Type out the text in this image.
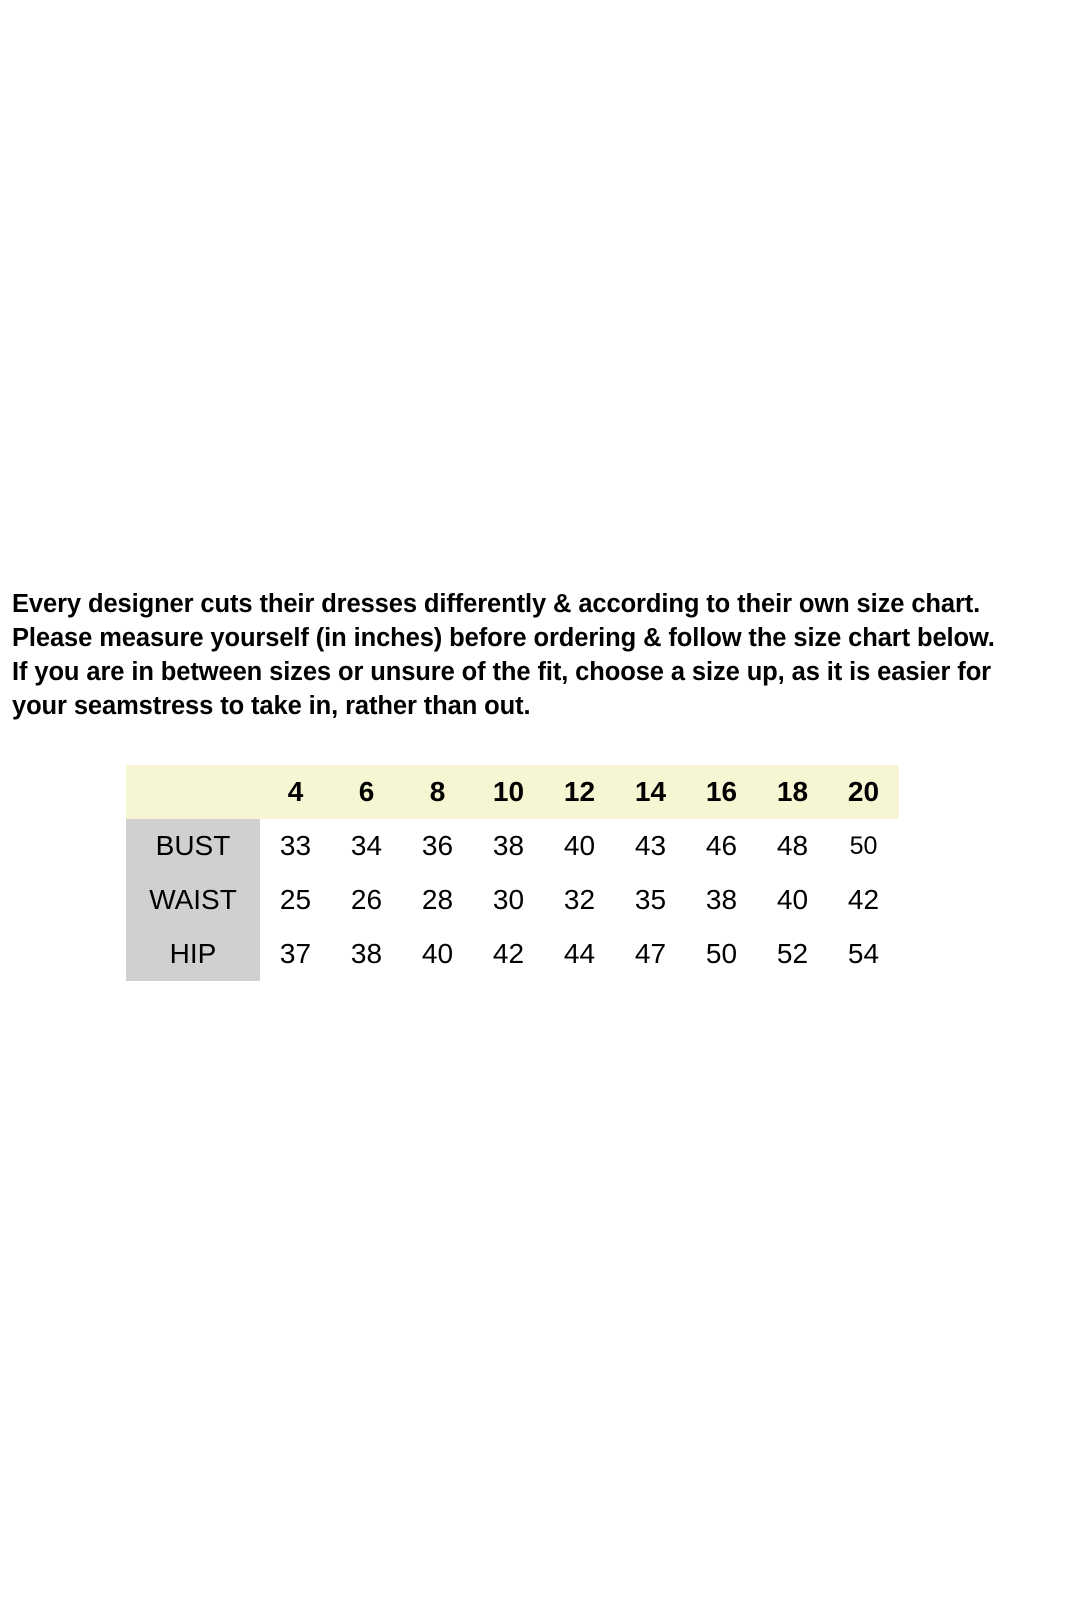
Every designer cuts their dresses differently & according to their own size chart. Please measure yourself (in inches) before ordering & follow the size chart below.

If you are in between sizes or unsure of the fit, choose a size up, as it is easier for your seamstress to take in, rather than out.

	4	6	8	10	12	14	16	18	20
BUST	33	34	36	38	40	43	46	48	50
WAIST	25	26	28	30	32	35	38	40	42
HIP	37	38	40	42	44	47	50	52	54
